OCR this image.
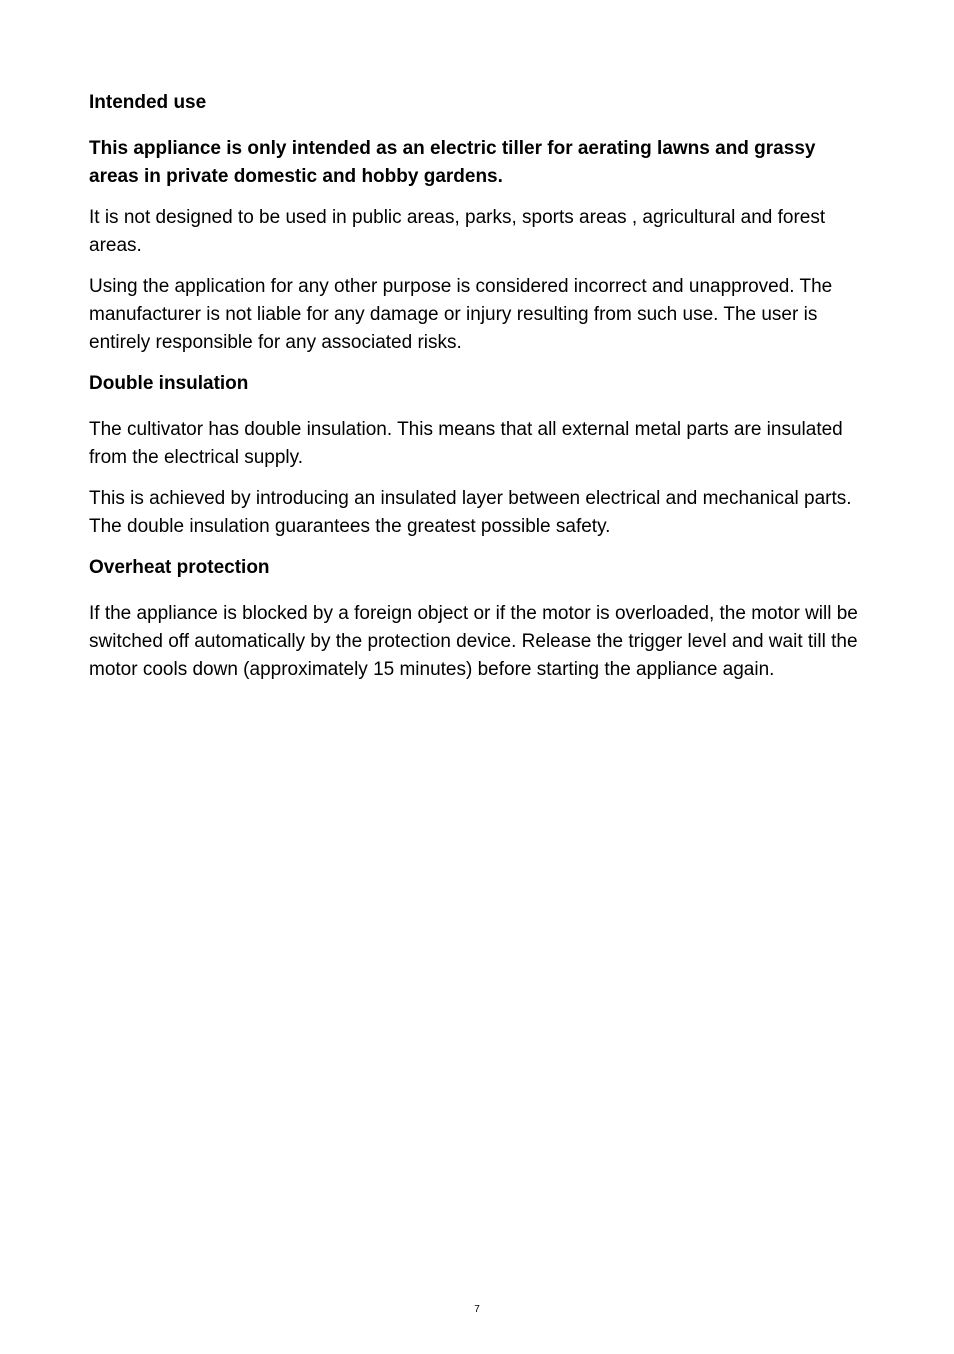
Intended use

This appliance is only intended as an electric tiller for aerating lawns and grassy areas in private domestic and hobby gardens.

It is not designed to be used in public areas, parks, sports areas , agricultural and forest areas.

Using the application for any other purpose is considered incorrect and unapproved. The manufacturer is not liable for any damage or injury resulting from such use. The user is entirely responsible for any associated risks.

Double insulation

The cultivator has double insulation. This means that all external metal parts are insulated from the electrical supply.

This is achieved by introducing an insulated layer between electrical and mechanical parts. The double insulation guarantees the greatest possible safety.

Overheat protection

If the appliance is blocked by a foreign object or if the motor is overloaded, the motor will be switched off automatically by the protection device. Release the trigger level and wait till the motor cools down (approximately 15 minutes) before starting the appliance again.

7
